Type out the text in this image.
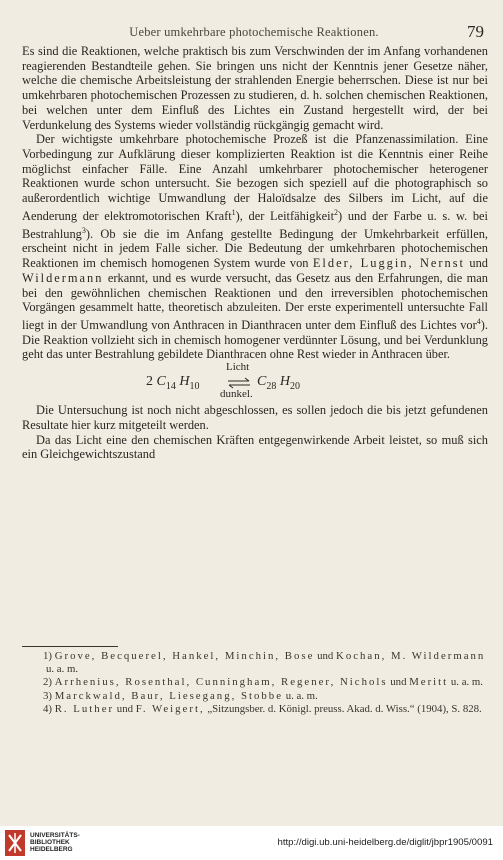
Ueber umkehrbare photochemische Reaktionen.	79

Es sind die Reaktionen, welche praktisch bis zum Verschwinden der im Anfang vorhandenen reagierenden Bestandteile gehen. Sie bringen uns nicht der Kenntnis jener Gesetze näher, welche die chemische Arbeitsleistung der strahlenden Energie beherrschen. Diese ist nur bei umkehrbaren photochemischen Prozessen zu studieren, d. h. solchen chemischen Reaktionen, bei welchen unter dem Einfluß des Lichtes ein Zustand hergestellt wird, der bei Verdunkelung des Systems wieder vollständig rückgängig gemacht wird.

Der wichtigste umkehrbare photochemische Prozeß ist die Pfanzenassimilation. Eine Vorbedingung zur Aufklärung dieser komplizierten Reaktion ist die Kenntnis einer Reihe möglichst einfacher Fälle. Eine Anzahl umkehrbarer photochemischer heterogener Reaktionen wurde schon untersucht. Sie bezogen sich speziell auf die photographisch so außerordentlich wichtige Umwandlung der Haloïdsalze des Silbers im Licht, auf die Aenderung der elektromotorischen Kraft$^1$), der Leitfähigkeit$^2$) und der Farbe u. s. w. bei Bestrahlung$^3$). Ob sie die im Anfang gestellte Bedingung der Umkehrbarkeit erfüllen, erscheint nicht in jedem Falle sicher. Die Bedeutung der umkehrbaren photochemischen Reaktionen im chemisch homogenen System wurde von Elder, Luggin, Nernst und Wildermann erkannt, und es wurde versucht, das Gesetz aus den Erfahrungen, die man bei den gewöhnlichen chemischen Reaktionen und den irreversiblen photochemischen Vorgängen gesammelt hatte, theoretisch abzuleiten. Der erste experimentell untersuchte Fall liegt in der Umwandlung von Anthracen in Dianthracen unter dem Einfluß des Lichtes vor$^4$). Die Reaktion vollzieht sich in chemisch homogener verdünnter Lösung, und bei Verdunklung geht das unter Bestrahlung gebildete Dianthracen ohne Rest wieder in Anthracen über.

2 $C_{14}$ $H_{10}$
Licht
dunkel.
$C_{28}$ $H_{20}$

Die Untersuchung ist noch nicht abgeschlossen, es sollen jedoch die bis jetzt gefundenen Resultate hier kurz mitgeteilt werden.

Da das Licht eine den chemischen Kräften entgegenwirkende Arbeit leistet, so muß sich ein Gleichgewichtszustand

1) Grove, Becquerel, Hankel, Minchin, Bose und Kochan, M. Wildermann u. a. m.

2) Arrhenius, Rosenthal, Cunningham, Regener, Nichols und Meritt u. a. m.

3) Marckwald, Baur, Liesegang, Stobbe u. a. m.

4) R. Luther und F. Weigert, „Sitzungsber. d. Königl. preuss. Akad. d. Wiss.“ (1904), S. 828.

UNIVERSITÄTS-
BIBLIOTHEK
HEIDELBERG
http://digi.ub.uni-heidelberg.de/diglit/jbpr1905/0091
